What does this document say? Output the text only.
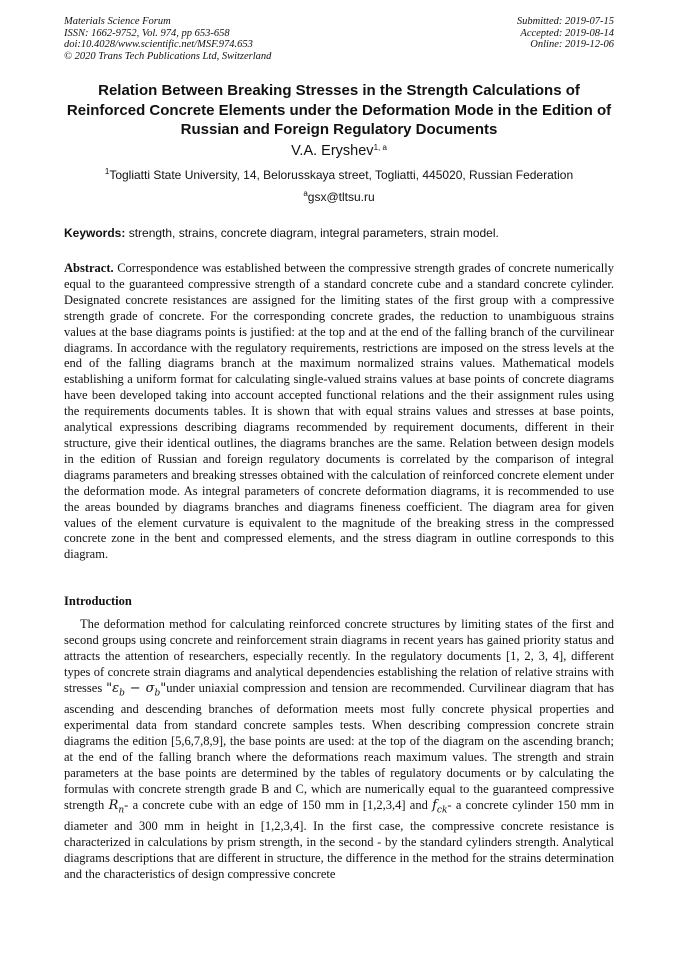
Materials Science Forum
ISSN: 1662-9752, Vol. 974, pp 653-658
doi:10.4028/www.scientific.net/MSF.974.653
© 2020 Trans Tech Publications Ltd, Switzerland
Submitted: 2019-07-15
Accepted: 2019-08-14
Online: 2019-12-06
Relation Between Breaking Stresses in the Strength Calculations of Reinforced Concrete Elements under the Deformation Mode in the Edition of Russian and Foreign Regulatory Documents
V.A. Eryshev$^{1, a}$
$^1$Togliatti State University, 14, Belorusskaya street, Togliatti, 445020, Russian Federation
$^a$gsx@tltsu.ru
Keywords: strength, strains, concrete diagram, integral parameters, strain model.
Abstract. Correspondence was established between the compressive strength grades of concrete numerically equal to the guaranteed compressive strength of a standard concrete cube and a standard concrete cylinder. Designated concrete resistances are assigned for the limiting states of the first group with a compressive strength grade of concrete. For the corresponding concrete grades, the reduction to unambiguous strains values at the base diagrams points is justified: at the top and at the end of the falling branch of the curvilinear diagrams. In accordance with the regulatory requirements, restrictions are imposed on the stress levels at the end of the falling diagrams branch at the maximum normalized strains values. Mathematical models establishing a uniform format for calculating single-valued strains values at base points of concrete diagrams have been developed taking into account accepted functional relations and the their assignment rules using the requirements documents tables. It is shown that with equal strains values and stresses at base points, analytical expressions describing diagrams recommended by requirement documents, different in their structure, give their identical outlines, the diagrams branches are the same. Relation between design models in the edition of Russian and foreign regulatory documents is correlated by the comparison of integral diagrams parameters and breaking stresses obtained with the calculation of reinforced concrete element under the deformation mode. As integral parameters of concrete deformation diagrams, it is recommended to use the areas bounded by diagrams branches and diagrams fineness coefficient. The diagram area for given values of the element curvature is equivalent to the magnitude of the breaking stress in the compressed concrete zone in the bent and compressed elements, and the stress diagram in outline corresponds to this diagram.
Introduction
The deformation method for calculating reinforced concrete structures by limiting states of the first and second groups using concrete and reinforcement strain diagrams in recent years has gained priority status and attracts the attention of researchers, especially recently. In the regulatory documents [1, 2, 3, 4], different types of concrete strain diagrams and analytical dependencies establishing the relation of relative strains with stresses "$\varepsilon_b$ − $\sigma_b"under$ uniaxial compression and tension are recommended. Curvilinear diagram that has ascending and descending branches of deformation meets most fully concrete physical properties and experimental data from standard concrete samples tests. When describing compression concrete strain diagrams the edition [5,6,7,8,9], the base points are used: at the top of the diagram on the ascending branch; at the end of the falling branch where the deformations reach maximum values. The strength and strain parameters at the base points are determined by the tables of regulatory documents or by calculating the formulas with concrete strength grade B and C, which are numerically equal to the guaranteed compressive strength $R_n-$ a concrete cube with an edge of 150 mm in [1,2,3,4] and $f_{ck}-$ a concrete cylinder 150 mm in diameter and 300 mm in height in [1,2,3,4]. In the first case, the compressive concrete resistance is characterized in calculations by prism strength, in the second - by the standard cylinders strength. Analytical diagrams descriptions that are different in structure, the difference in the method for the strains determination and the characteristics of design compressive concrete
